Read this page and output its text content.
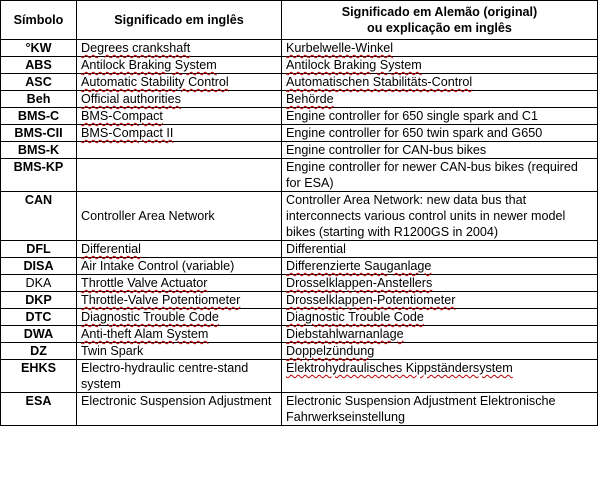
Símbolo	Significado em inglês	Significado em Alemão (original)
ou explicação em inglês
°KW	Degrees crankshaft	Kurbelwelle-Winkel
ABS	Antilock Braking System	Antilock Braking System
ASC	Automatic Stability Control	Automatischen Stabilitäts-Control
Beh	Official authorities	Behörde
BMS-C	BMS-Compact	Engine controller for 650 single spark and C1
BMS-CII	BMS-Compact II	Engine controller for 650 twin spark and G650
BMS-K		Engine controller for CAN-bus bikes
BMS-KP		Engine controller for newer CAN-bus bikes (required for ESA)
CAN	Controller Area Network	Controller Area Network: new data bus that interconnects various control units in newer model bikes (starting with R1200GS in 2004)
DFL	Differential	Differential
DISA	Air Intake Control (variable)	Differenzierte Sauganlage
DKA	Throttle Valve Actuator	Drosselklappen-Anstellers
DKP	Throttle-Valve Potentiometer	Drosselklappen-Potentiometer
DTC	Diagnostic Trouble Code	Diagnostic Trouble Code
DWA	Anti-theft Alam System	Diebstahlwarnanlage
DZ	Twin Spark	Doppelzündung
EHKS	Electro-hydraulic centre-stand system	Elektrohydraulisches Kippständersystem
ESA	Electronic Suspension Adjustment	Electronic Suspension Adjustment Elektronische Fahrwerkseinstellung
